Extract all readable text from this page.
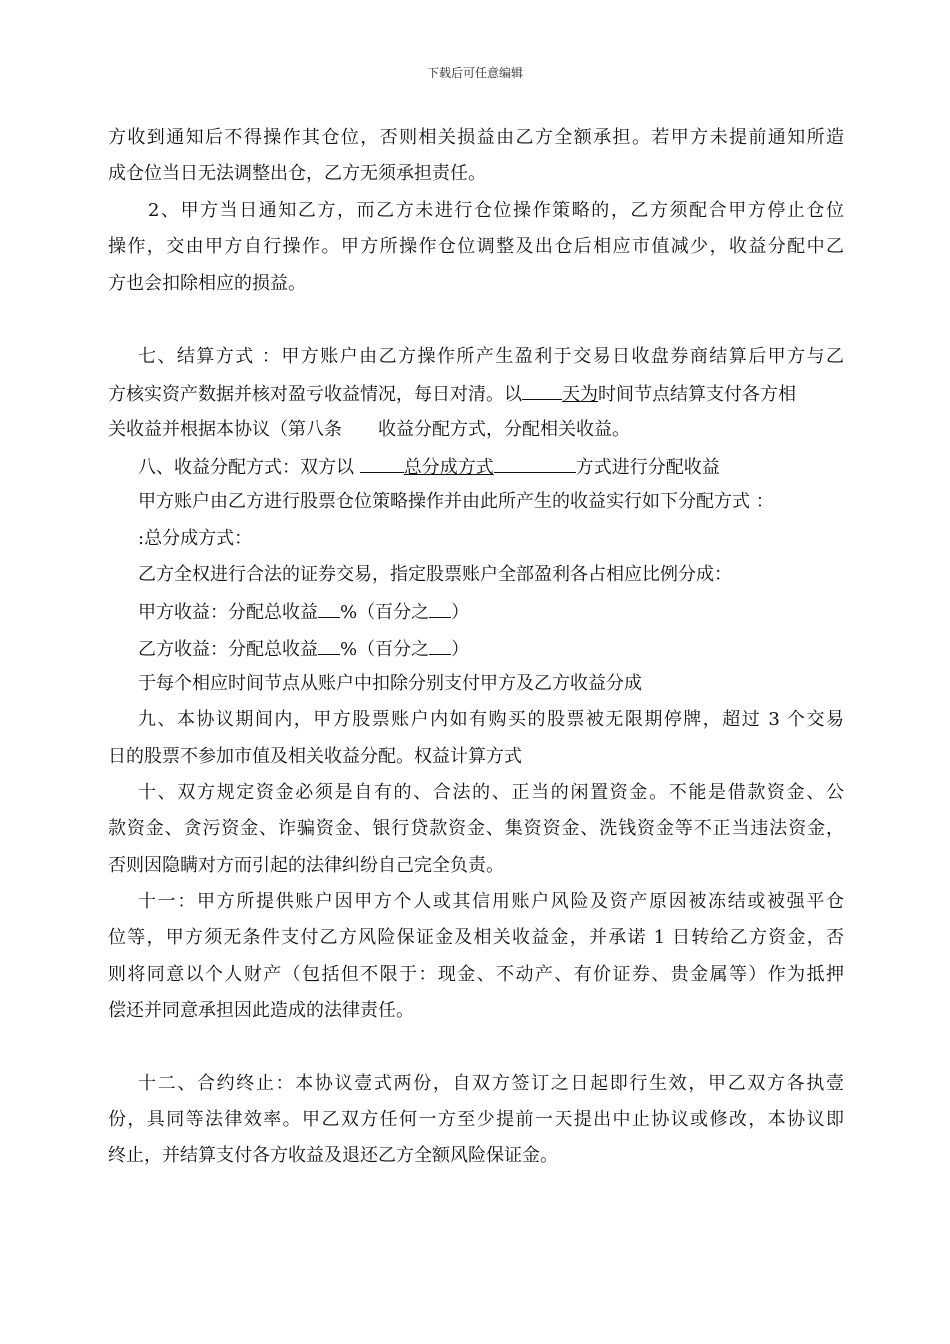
下载后可任意编辑
方收到通知后不得操作其仓位，否则相关损益由乙方全额承担。若甲方未提前通知所造
成仓位当日无法调整出仓，乙方无须承担责任。
2、甲方当日通知乙方，而乙方未进行仓位操作策略的，乙方须配合甲方停止仓位
操作，交由甲方自行操作。甲方所操作仓位调整及出仓后相应市值减少，收益分配中乙
方也会扣除相应的损益。
七、结算方式 ：甲方账户由乙方操作所产生盈利于交易日收盘券商结算后甲方与乙
方核实资产数据并核对盈亏收益情况，每日对清。以 天为时间节点结算支付各方相
关收益并根据本协议（第八条　　收益分配方式，分配相关收益。
八、收益分配方式：双方以	总分成方式	方式进行分配收益
甲方账户由乙方进行股票仓位策略操作并由此所产生的收益实行如下分配方式 ：
:总分成方式：
乙方全权进行合法的证券交易，指定股票账户全部盈利各占相应比例分成：
甲方收益：分配总收益 %（百分之 ）
乙方收益：分配总收益 %（百分之 ）
于每个相应时间节点从账户中扣除分别支付甲方及乙方收益分成
九、本协议期间内，甲方股票账户内如有购买的股票被无限期停牌，超过 3 个交易
日的股票不参加市值及相关收益分配。权益计算方式
十、双方规定资金必须是自有的、合法的、正当的闲置资金。不能是借款资金、公
款资金、贪污资金、诈骗资金、银行贷款资金、集资资金、洗钱资金等不正当违法资金，
否则因隐瞒对方而引起的法律纠纷自己完全负责。
十一：甲方所提供账户因甲方个人或其信用账户风险及资产原因被冻结或被强平仓
位等，甲方须无条件支付乙方风险保证金及相关收益金，并承诺 1 日转给乙方资金，否
则将同意以个人财产（包括但不限于：现金、不动产、有价证券、贵金属等）作为抵押
偿还并同意承担因此造成的法律责任。
十二、合约终止：本协议壹式两份，自双方签订之日起即行生效，甲乙双方各执壹
份，具同等法律效率。甲乙双方任何一方至少提前一天提出中止协议或修改，本协议即
终止，并结算支付各方收益及退还乙方全额风险保证金。
